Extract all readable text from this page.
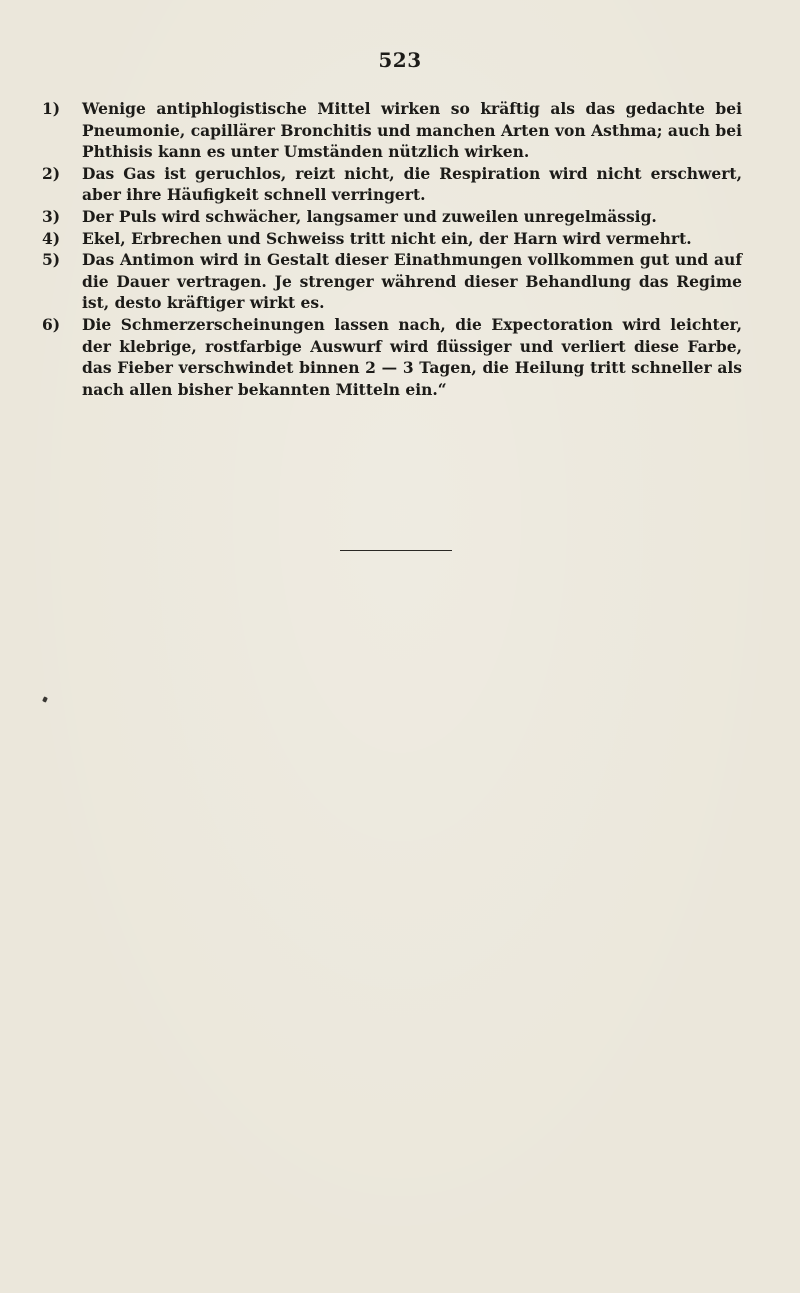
523
1)	Wenige antiphlogistische Mittel wirken so kräftig als das gedachte bei Pneumonie, capillärer Bronchitis und manchen Arten von Asthma; auch bei Phthisis kann es unter Umständen nützlich wirken.
2)	Das Gas ist geruchlos, reizt nicht, die Respiration wird nicht erschwert, aber ihre Häufigkeit schnell verringert.
3)	Der Puls wird schwächer, langsamer und zuweilen unregelmässig.
4)	Ekel, Erbrechen und Schweiss tritt nicht ein, der Harn wird vermehrt.
5)	Das Antimon wird in Gestalt dieser Einathmungen vollkommen gut und auf die Dauer vertragen. Je strenger während dieser Behandlung das Regime ist, desto kräftiger wirkt es.
6)	Die Schmerzerscheinungen lassen nach, die Expectoration wird leichter, der klebrige, rostfarbige Auswurf wird flüssiger und verliert diese Farbe, das Fieber verschwindet binnen 2 — 3 Tagen, die Heilung tritt schneller als nach allen bisher bekannten Mitteln ein.“
